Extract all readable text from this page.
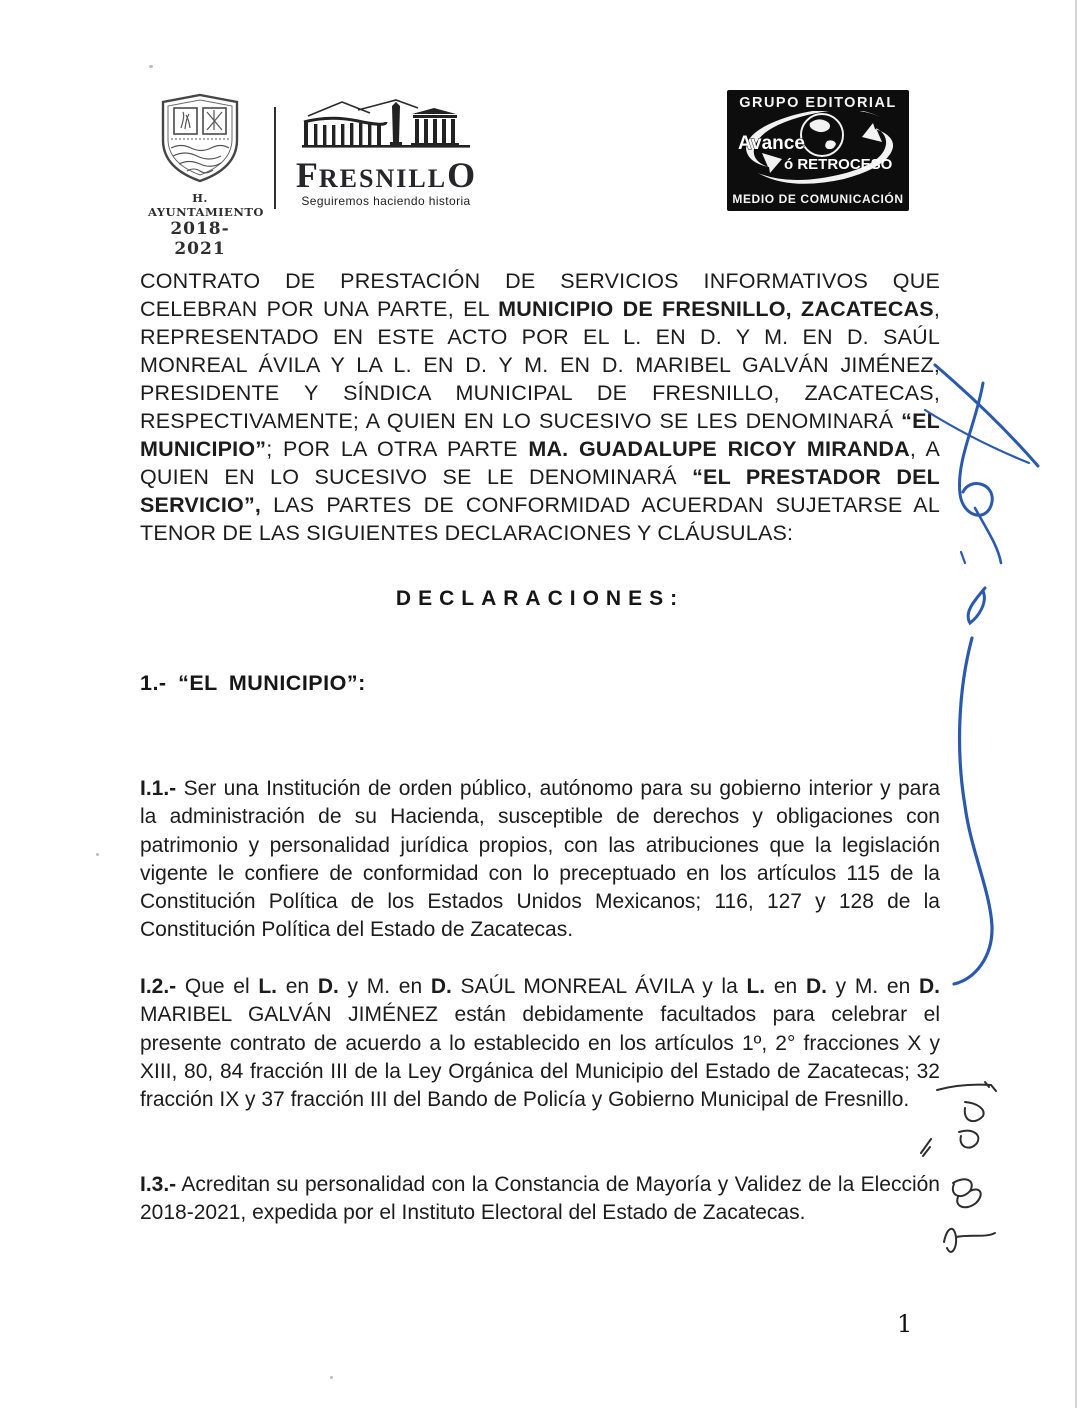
H. AYUNTAMIENTO
2018-2021
FRESNILLO
Seguiremos haciendo historia
GRUPO EDITORIAL
Avance
ó RETROCESO
MEDIO DE COMUNICACIÓN

CONTRATO DE PRESTACIÓN DE SERVICIOS INFORMATIVOS QUE CELEBRAN POR UNA PARTE, EL MUNICIPIO DE FRESNILLO, ZACATECAS, REPRESENTADO EN ESTE ACTO POR EL L. EN D. Y M. EN D. SAÚL MONREAL ÁVILA Y LA L. EN D. Y M. EN D. MARIBEL GALVÁN JIMÉNEZ, PRESIDENTE Y SÍNDICA MUNICIPAL DE FRESNILLO, ZACATECAS, RESPECTIVAMENTE; A QUIEN EN LO SUCESIVO SE LES DENOMINARÁ “EL MUNICIPIO”; POR LA OTRA PARTE MA. GUADALUPE RICOY MIRANDA, A QUIEN EN LO SUCESIVO SE LE DENOMINARÁ “EL PRESTADOR DEL SERVICIO”, LAS PARTES DE CONFORMIDAD ACUERDAN SUJETARSE AL TENOR DE LAS SIGUIENTES DECLARACIONES Y CLÁUSULAS:

DECLARACIONES:
1.- “EL MUNICIPIO”:

I.1.- Ser una Institución de orden público, autónomo para su gobierno interior y para la administración de su Hacienda, susceptible de derechos y obligaciones con patrimonio y personalidad jurídica propios, con las atribuciones que la legislación vigente le confiere de conformidad con lo preceptuado en los artículos 115 de la Constitución Política de los Estados Unidos Mexicanos; 116, 127 y 128 de la Constitución Política del Estado de Zacatecas.

I.2.- Que el L. en D. y M. en D. SAÚL MONREAL ÁVILA y la L. en D. y M. en D. MARIBEL GALVÁN JIMÉNEZ están debidamente facultados para celebrar el presente contrato de acuerdo a lo establecido en los artículos 1º, 2° fracciones X y XIII, 80, 84 fracción III de la Ley Orgánica del Municipio del Estado de Zacatecas; 32 fracción IX y 37 fracción III del Bando de Policía y Gobierno Municipal de Fresnillo.

I.3.- Acreditan su personalidad con la Constancia de Mayoría y Validez de la Elección 2018-2021, expedida por el Instituto Electoral del Estado de Zacatecas.

1
